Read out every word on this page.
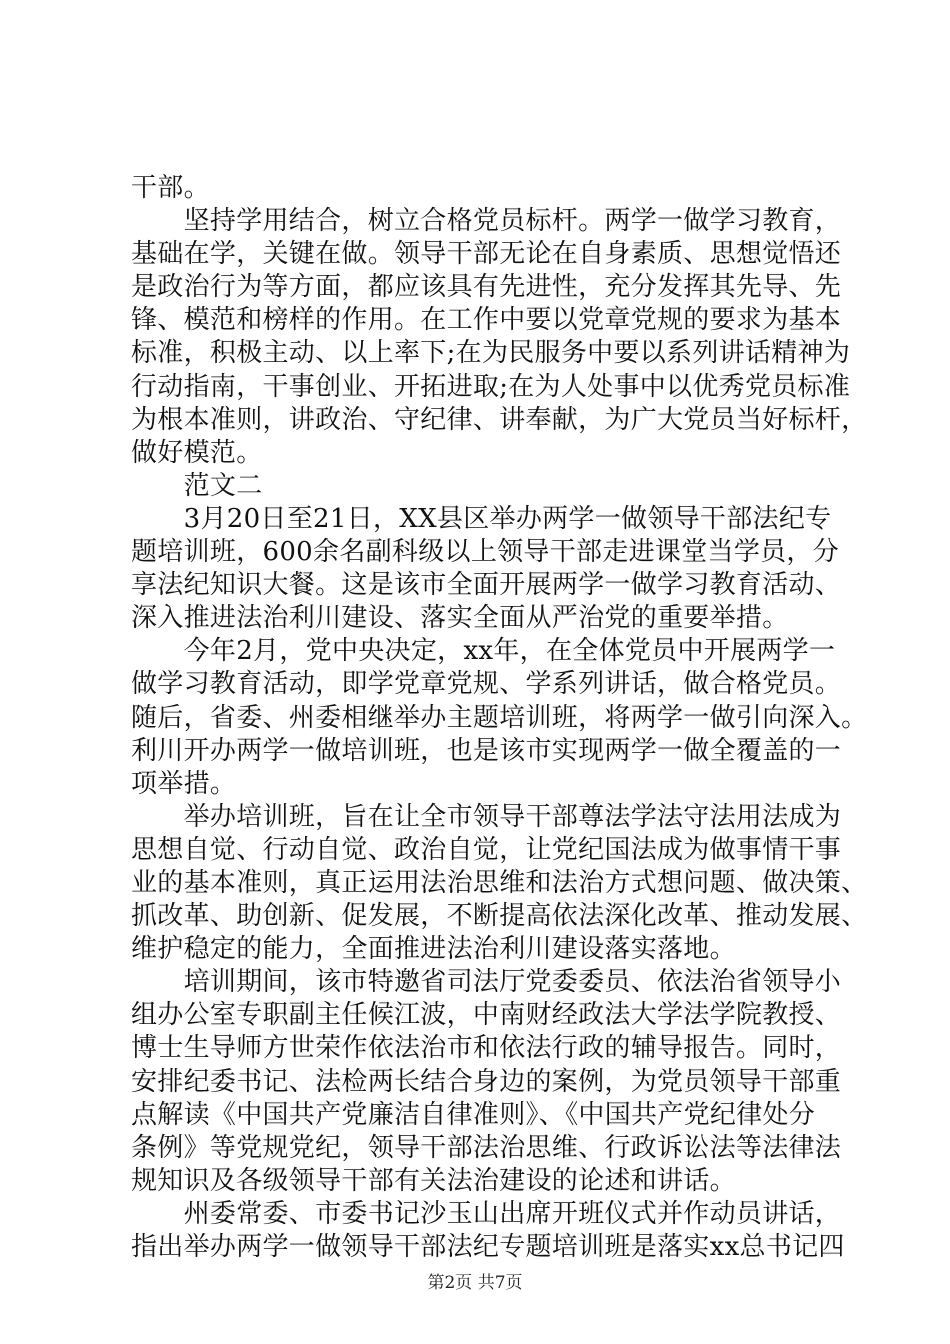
干部。
　　坚持学用结合，树立合格党员标杆。两学一做学习教育，
基础在学，关键在做。领导干部无论在自身素质、思想觉悟还
是政治行为等方面，都应该具有先进性，充分发挥其先导、先
锋、模范和榜样的作用。在工作中要以党章党规的要求为基本
标准，积极主动、以上率下;在为民服务中要以系列讲话精神为
行动指南，干事创业、开拓进取;在为人处事中以优秀党员标准
为根本准则，讲政治、守纪律、讲奉献，为广大党员当好标杆，
做好模范。
　　范文二
　　3月20日至21日，XX县区举办两学一做领导干部法纪专
题培训班，600余名副科级以上领导干部走进课堂当学员，分
享法纪知识大餐。这是该市全面开展两学一做学习教育活动、
深入推进法治利川建设、落实全面从严治党的重要举措。
　　今年2月，党中央决定，xx年，在全体党员中开展两学一
做学习教育活动，即学党章党规、学系列讲话，做合格党员。
随后，省委、州委相继举办主题培训班，将两学一做引向深入。
利川开办两学一做培训班，也是该市实现两学一做全覆盖的一
项举措。
　　举办培训班，旨在让全市领导干部尊法学法守法用法成为
思想自觉、行动自觉、政治自觉，让党纪国法成为做事情干事
业的基本准则，真正运用法治思维和法治方式想问题、做决策、
抓改革、助创新、促发展，不断提高依法深化改革、推动发展、
维护稳定的能力，全面推进法治利川建设落实落地。
　　培训期间，该市特邀省司法厅党委委员、依法治省领导小
组办公室专职副主任候江波，中南财经政法大学法学院教授、
博士生导师方世荣作依法治市和依法行政的辅导报告。同时，
安排纪委书记、法检两长结合身边的案例，为党员领导干部重
点解读《中国共产党廉洁自律准则》、《中国共产党纪律处分
条例》等党规党纪，领导干部法治思维、行政诉讼法等法律法
规知识及各级领导干部有关法治建设的论述和讲话。
　　州委常委、市委书记沙玉山出席开班仪式并作动员讲话，
指出举办两学一做领导干部法纪专题培训班是落实xx总书记四
第2页 共7页
